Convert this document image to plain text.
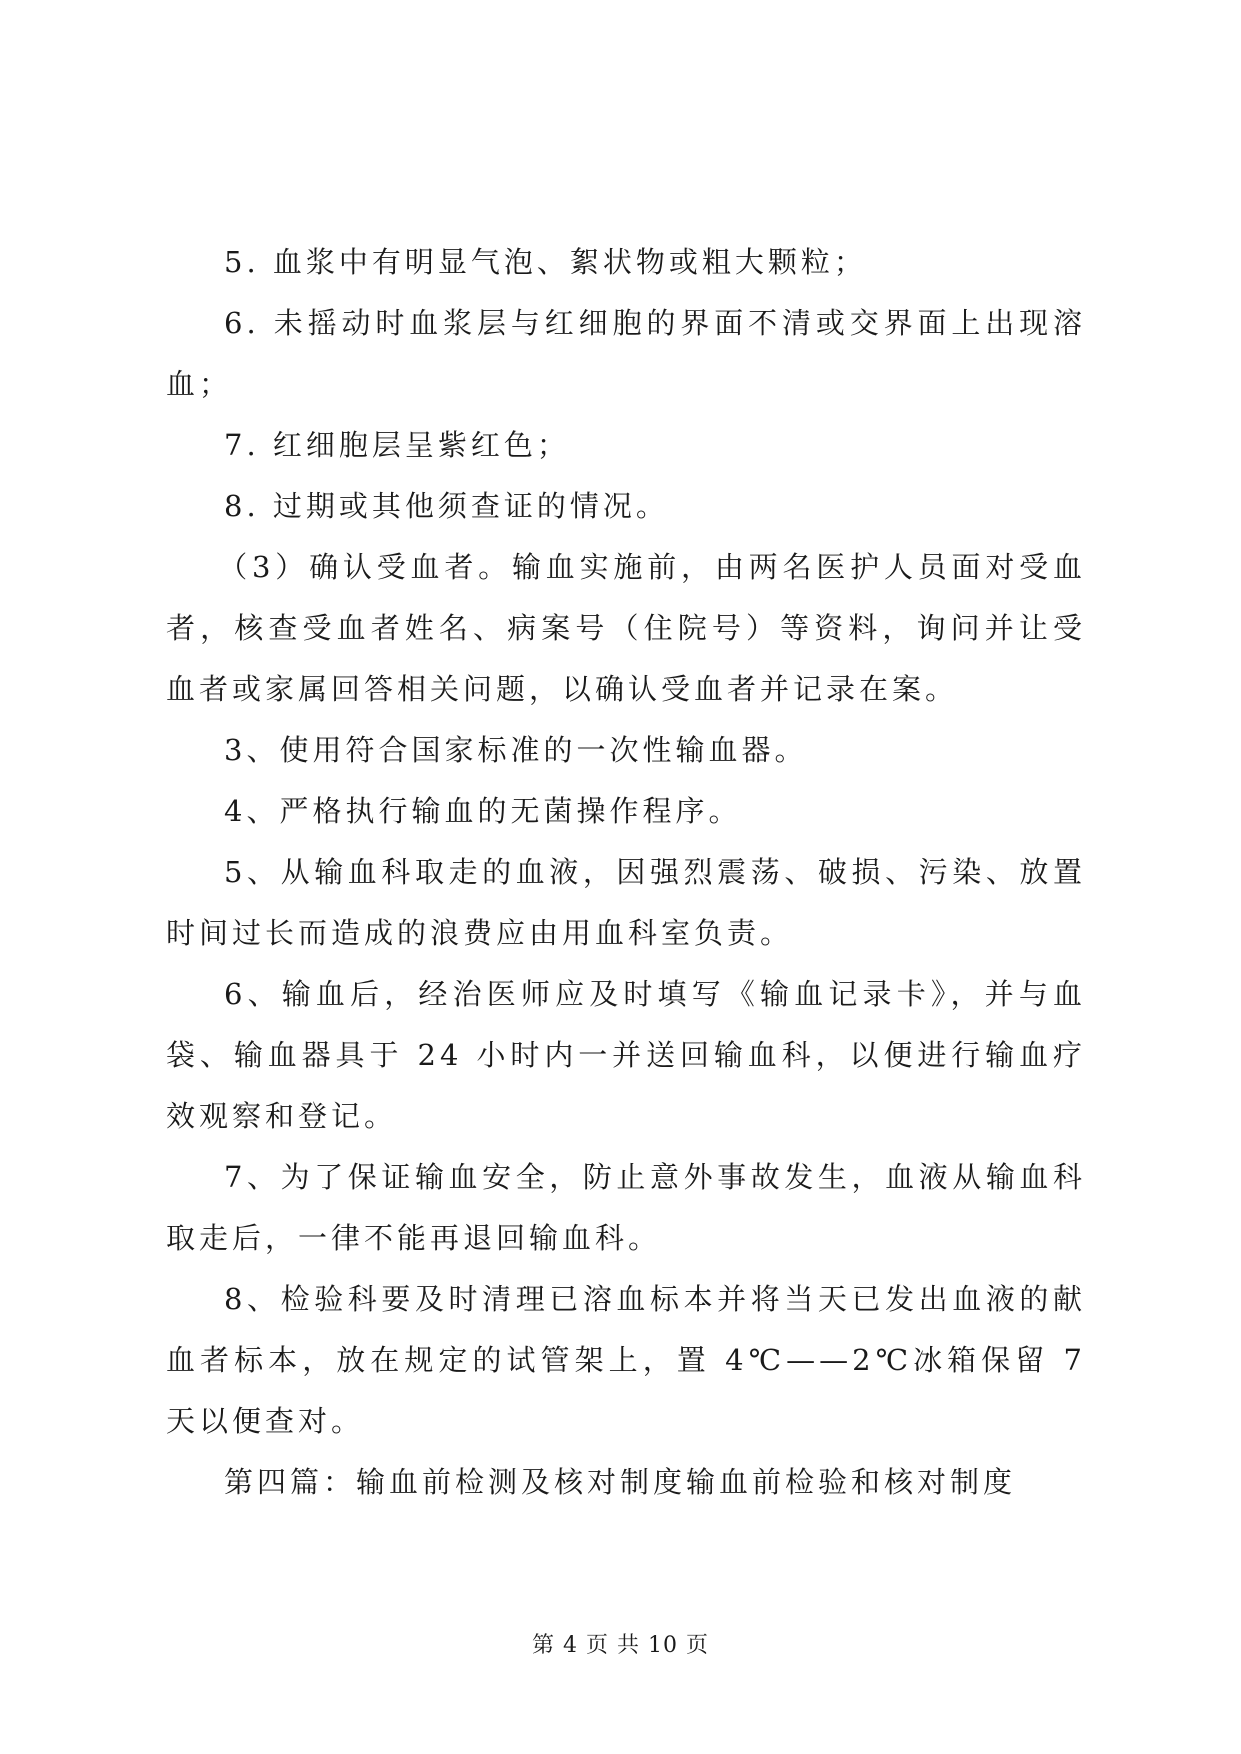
5. 血浆中有明显气泡、絮状物或粗大颗粒；

6. 未摇动时血浆层与红细胞的界面不清或交界面上出现溶血；

7. 红细胞层呈紫红色；

8. 过期或其他须查证的情况。

（3）确认受血者。输血实施前，由两名医护人员面对受血者，核查受血者姓名、病案号（住院号）等资料，询问并让受血者或家属回答相关问题，以确认受血者并记录在案。

3、使用符合国家标准的一次性输血器。

4、严格执行输血的无菌操作程序。

5、从输血科取走的血液，因强烈震荡、破损、污染、放置时间过长而造成的浪费应由用血科室负责。

6、输血后，经治医师应及时填写《输血记录卡》，并与血袋、输血器具于 24 小时内一并送回输血科，以便进行输血疗效观察和登记。

7、为了保证输血安全，防止意外事故发生，血液从输血科取走后，一律不能再退回输血科。

8、检验科要及时清理已溶血标本并将当天已发出血液的献血者标本，放在规定的试管架上，置 4℃——2℃冰箱保留 7 天以便查对。

第四篇：输血前检测及核对制度输血前检验和核对制度

第 4 页 共 10 页
